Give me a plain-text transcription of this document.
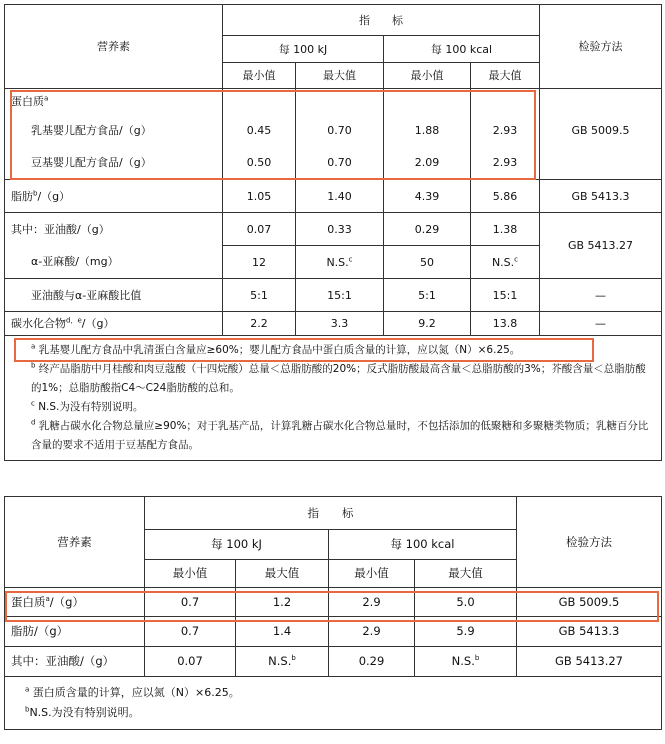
营养素	指　　标				检验方法
	每 100 kJ		每 100 kcal		
	最小值	最大值	最小值	最大值	
蛋白质$^a$					
乳基婴儿配方食品/（g）	0.45	0.70	1.88	2.93	GB 5009.5
豆基婴儿配方食品/（g）	0.50	0.70	2.09	2.93	
脂肪$^b$/（g）	1.05	1.40	4.39	5.86	GB 5413.3
其中：亚油酸/（g）	0.07	0.33	0.29	1.38	GB 5413.27
α-亚麻酸/（mg）	12	N.S.$^c$	50	N.S.$^c$
亚油酸与α-亚麻酸比值	5:1	15:1	5:1	15:1	—
碳水化合物$^{d,e}$/（g）	2.2	3.3	9.2	13.8	—

$^a$ 乳基婴儿配方食品中乳清蛋白含量应≥60%；婴儿配方食品中蛋白质含量的计算，应以氮（N）×6.25。
$^b$ 终产品脂肪中月桂酸和肉豆蔻酸（十四烷酸）总量＜总脂肪酸的20%；反式脂肪酸最高含量＜总脂肪酸的3%；芥酸含量＜总脂肪酸的1%；总脂肪酸指C4～C24脂肪酸的总和。
$^c$ N.S.为没有特别说明。
$^d$ 乳糖占碳水化合物总量应≥90%；对于乳基产品，计算乳糖占碳水化合物总量时，不包括添加的低聚糖和多聚糖类物质；乳糖百分比含量的要求不适用于豆基配方食品。					
营养素	指　　标				检验方法
	每 100 kJ		每 100 kcal		
	最小值	最大值	最小值	最大值	
蛋白质$^a$/（g）	0.7	1.2	2.9	5.0	GB 5009.5
脂肪/（g）	0.7	1.4	2.9	5.9	GB 5413.3
其中：亚油酸/（g）	0.07	N.S.$^b$	0.29	N.S.$^b$	GB 5413.27

$^a$ 蛋白质含量的计算，应以氮（N）×6.25。
$^b$N.S.为没有特别说明。					
